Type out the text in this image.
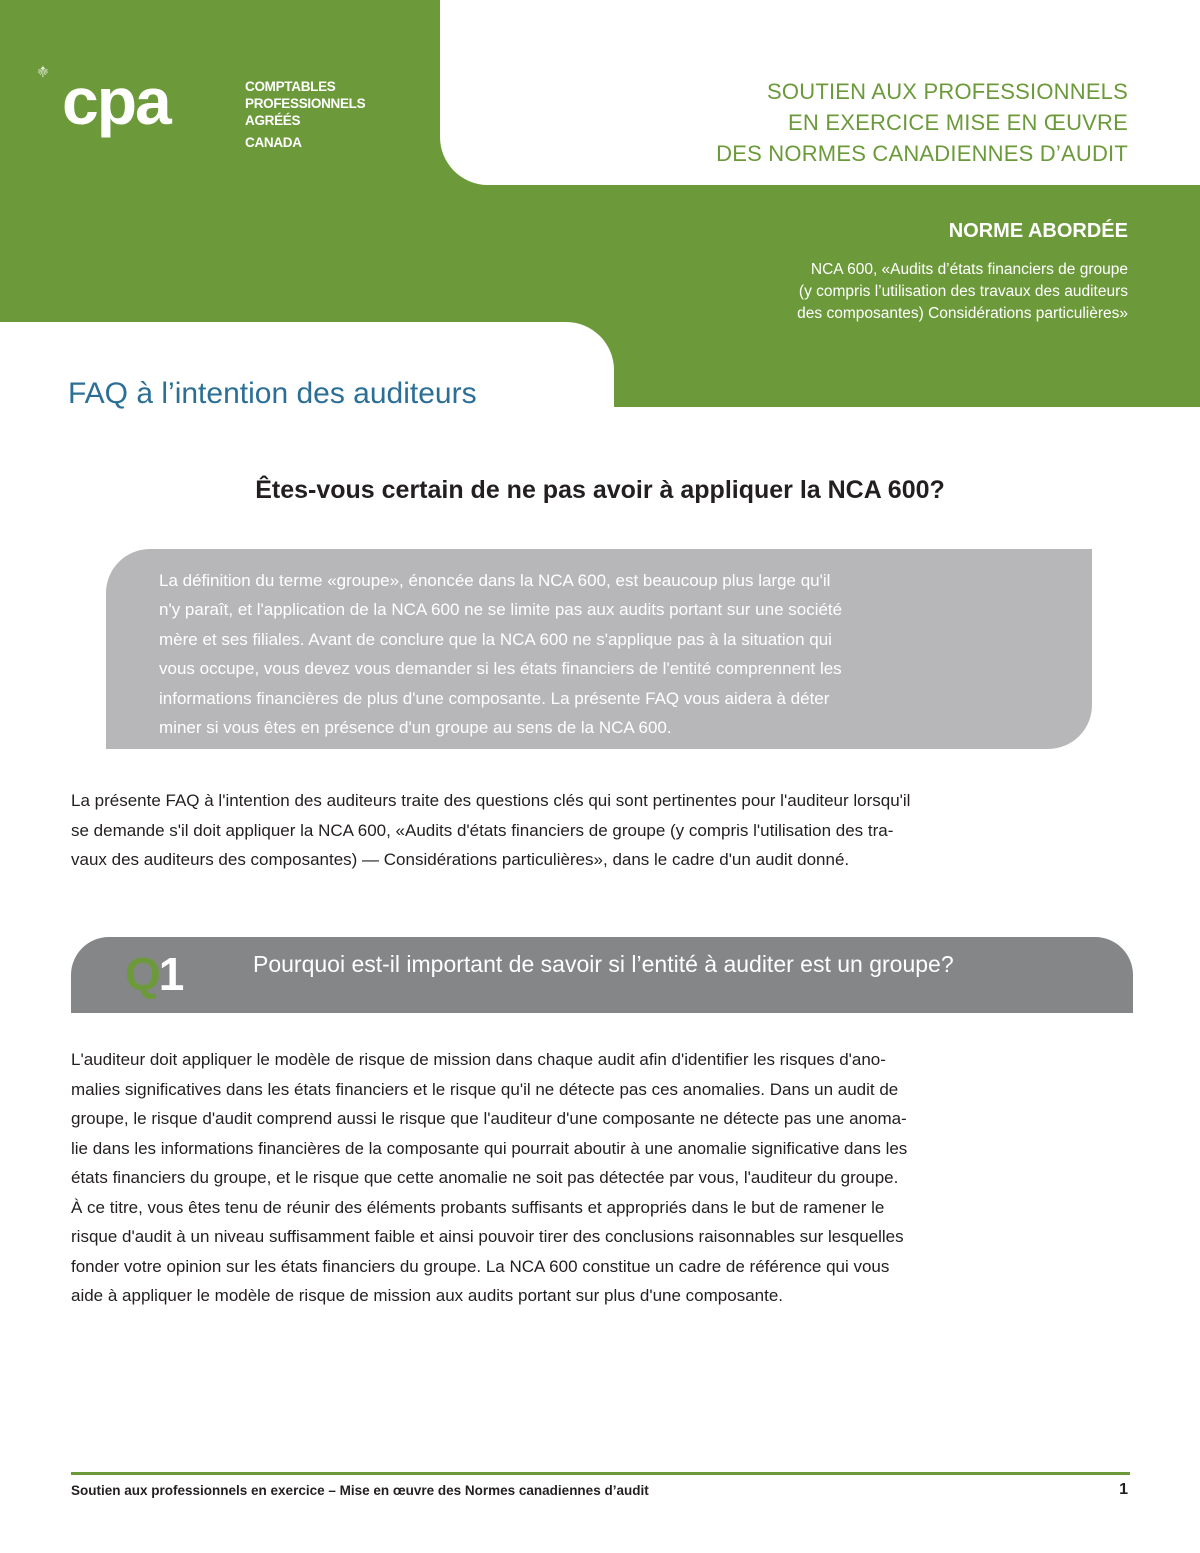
cpa	COMPTABLES
PROFESSIONNELS
AGRÉÉS
CANADA
SOUTIEN AUX PROFESSIONNELS
EN EXERCICE MISE EN ŒUVRE
DES NORMES CANADIENNES D’AUDIT
NORME ABORDÉE
NCA 600, «Audits d’états financiers de groupe
(y compris l’utilisation des travaux des auditeurs
des composantes) Considérations particulières»
FAQ à l’intention des auditeurs
Êtes-vous certain de ne pas avoir à appliquer la NCA 600?
La définition du terme «groupe», énoncée dans la NCA 600, est beaucoup plus large qu'il
n'y paraît, et l'application de la NCA 600 ne se limite pas aux audits portant sur une société
mère et ses filiales. Avant de conclure que la NCA 600 ne s'applique pas à la situation qui
vous occupe, vous devez vous demander si les états financiers de l'entité comprennent les
informations financières de plus d'une composante. La présente FAQ vous aidera à déter
miner si vous êtes en présence d'un groupe au sens de la NCA 600.
La présente FAQ à l'intention des auditeurs traite des questions clés qui sont pertinentes pour l'auditeur lorsqu'il
se demande s'il doit appliquer la NCA 600, «Audits d'états financiers de groupe (y compris l'utilisation des tra-
vaux des auditeurs des composantes) — Considérations particulières», dans le cadre d'un audit donné.
Q1	Pourquoi est-il important de savoir si l’entité à auditer est un groupe?
L'auditeur doit appliquer le modèle de risque de mission dans chaque audit afin d'identifier les risques d'ano-
malies significatives dans les états financiers et le risque qu'il ne détecte pas ces anomalies. Dans un audit de
groupe, le risque d'audit comprend aussi le risque que l'auditeur d'une composante ne détecte pas une anoma-
lie dans les informations financières de la composante qui pourrait aboutir à une anomalie significative dans les
états financiers du groupe, et le risque que cette anomalie ne soit pas détectée par vous, l'auditeur du groupe.
À ce titre, vous êtes tenu de réunir des éléments probants suffisants et appropriés dans le but de ramener le
risque d'audit à un niveau suffisamment faible et ainsi pouvoir tirer des conclusions raisonnables sur lesquelles
fonder votre opinion sur les états financiers du groupe. La NCA 600 constitue un cadre de référence qui vous
aide à appliquer le modèle de risque de mission aux audits portant sur plus d'une composante.
Soutien aux professionnels en exercice – Mise en œuvre des Normes canadiennes d’audit	1
